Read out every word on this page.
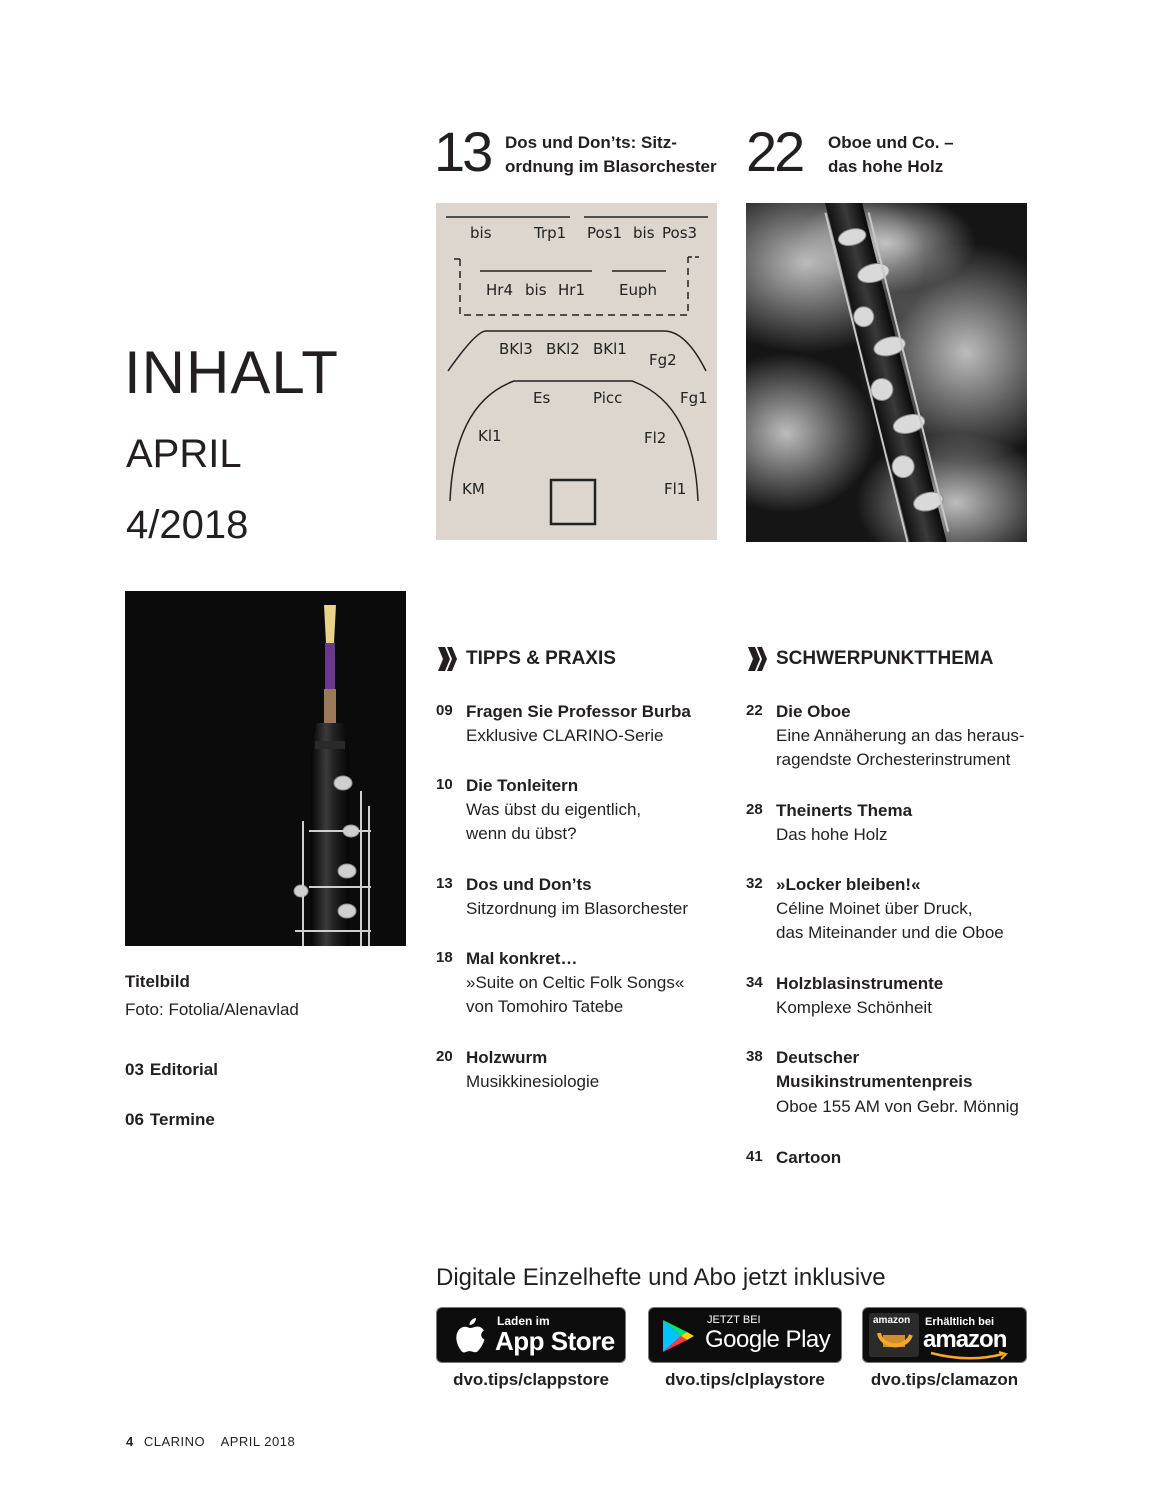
INHALT
APRIL
4/2018
13 Dos und Don’ts: Sitz-
ordnung im Blasorchester 22 Oboe und Co. –
das hohe Holz
bis	Trp1 Pos1 bis Pos3
Hr4 bis Hr1 Euph
BKl3 BKl2 BKl1
Fg2
Es	Picc	Fg1
Kl1	Fl2
KM	Fl1
Titelbild
Foto: Fotolia/Alenavlad
03 Editorial
06 Termine
TIPPS & PRAXIS
09 Fragen Sie Professor Burba
Exklusive CLARINO-Serie
10 Die Tonleitern
Was übst du eigentlich,
wenn du übst?
13 Dos und Don’ts
Sitzordnung im Blasorchester
18 Mal konkret…
»Suite on Celtic Folk Songs«
von Tomohiro Tatebe
20 Holzwurm
Musikkinesiologie
SCHWERPUNKTTHEMA
22 Die Oboe
Eine Annäherung an das heraus-
ragendste Orchesterinstrument
28 Theinerts Thema
Das hohe Holz
32 »Locker bleiben!«
Céline Moinet über Druck,
das Miteinander und die Oboe
34 Holzblasinstrumente
Komplexe Schönheit
38 Deutscher
Musikinstrumentenpreis
Oboe 155 AM von Gebr. Mönnig
41 Cartoon
Digitale Einzelhefte und Abo jetzt inklusive
Laden im
App Store
dvo.tips/clappstore
JETZT BEI
Google Play
dvo.tips/clplaystore
amazon Erhältlich bei
amazon
dvo.tips/clamazon
4 CLARINO APRIL 2018
